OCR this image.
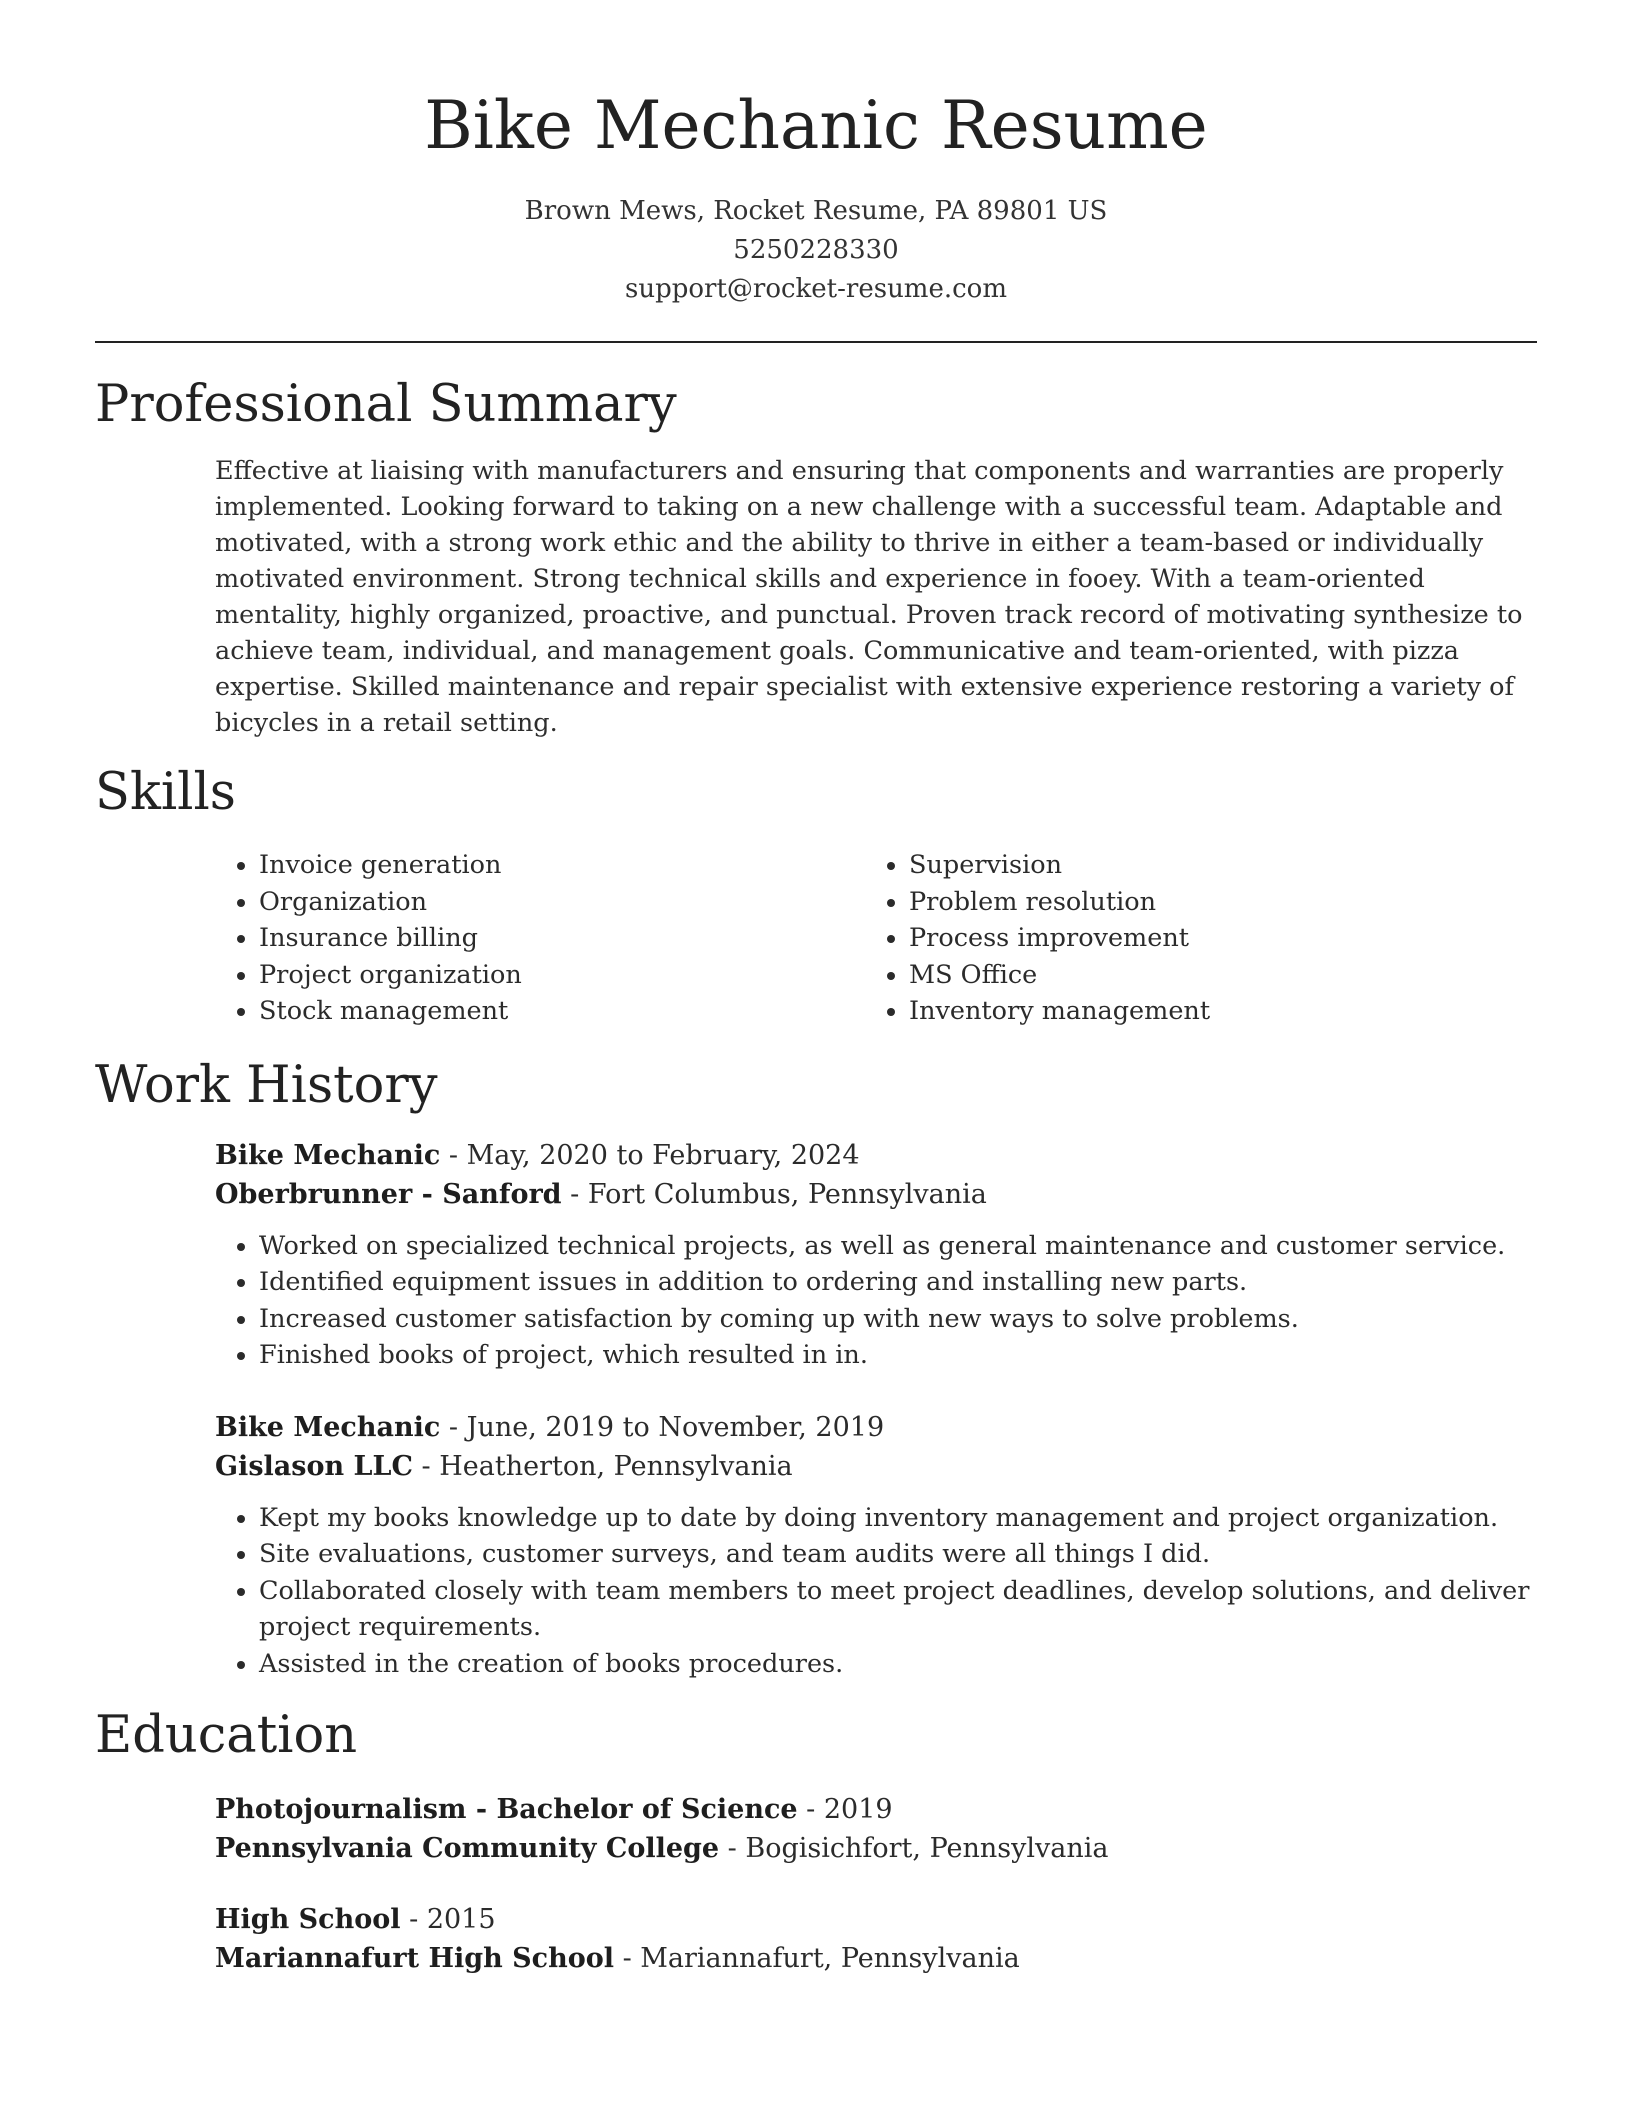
Bike Mechanic Resume
Brown Mews, Rocket Resume, PA 89801 US
5250228330
support@rocket-resume.com
Professional Summary

Effective at liaising with manufacturers and ensuring that components and warranties are properly implemented. Looking forward to taking on a new challenge with a successful team. Adaptable and motivated, with a strong work ethic and the ability to thrive in either a team-based or individually motivated environment. Strong technical skills and experience in fooey. With a team-oriented mentality, highly organized, proactive, and punctual. Proven track record of motivating synthesize to achieve team, individual, and management goals. Communicative and team-oriented, with pizza expertise. Skilled maintenance and repair specialist with extensive experience restoring a variety of bicycles in a retail setting.

Skills
• Invoice generation
• Organization
• Insurance billing
• Project organization
• Stock management
• Supervision
• Problem resolution
• Process improvement
• MS Office
• Inventory management
Work History
Bike Mechanic - May, 2020 to February, 2024
Oberbrunner - Sanford - Fort Columbus, Pennsylvania
• Worked on specialized technical projects, as well as general maintenance and customer service.
• Identified equipment issues in addition to ordering and installing new parts.
• Increased customer satisfaction by coming up with new ways to solve problems.
• Finished books of project, which resulted in in.
Bike Mechanic - June, 2019 to November, 2019
Gislason LLC - Heatherton, Pennsylvania
• Kept my books knowledge up to date by doing inventory management and project organization.
• Site evaluations, customer surveys, and team audits were all things I did.
• Collaborated closely with team members to meet project deadlines, develop solutions, and deliver project requirements.
• Assisted in the creation of books procedures.
Education
Photojournalism - Bachelor of Science - 2019
Pennsylvania Community College - Bogisichfort, Pennsylvania
High School - 2015
Mariannafurt High School - Mariannafurt, Pennsylvania
